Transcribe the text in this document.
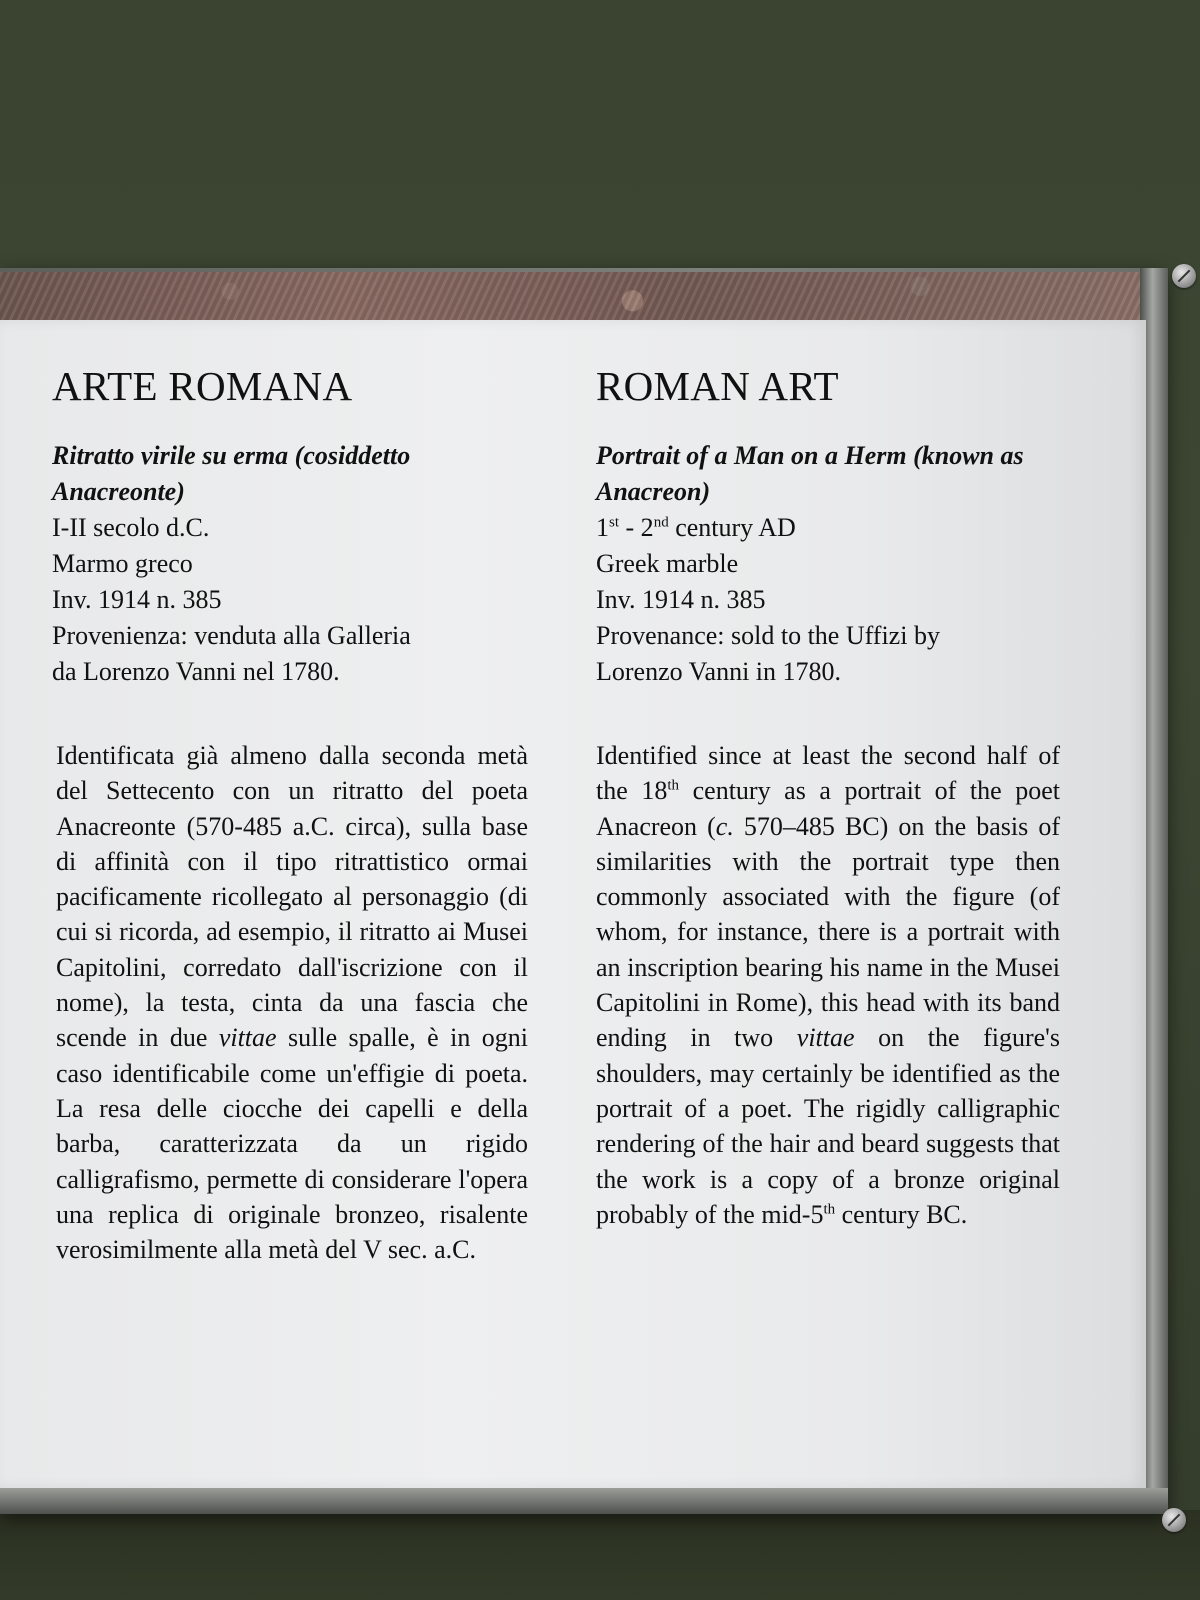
ARTE ROMANA
Ritratto virile su erma (cosiddetto Anacreonte)
I-II secolo d.C.
Marmo greco
Inv. 1914 n. 385
Provenienza: venduta alla Galleria
da Lorenzo Vanni nel 1780.

Identificata già almeno dalla seconda metà del Settecento con un ritratto del poeta Anacreonte (570-485 a.C. circa), sulla base di affinità con il tipo ritrattistico ormai pacificamente ricollegato al personaggio (di cui si ricorda, ad esempio, il ritratto ai Musei Capitolini, corredato dall'iscrizione con il nome), la testa, cinta da una fascia che scende in due vittae sulle spalle, è in ogni caso identificabile come un'effigie di poeta. La resa delle ciocche dei capelli e della barba, caratterizzata da un rigido calligrafismo, permette di considerare l'opera una replica di originale bronzeo, risalente verosimilmente alla metà del V sec. a.C.

ROMAN ART
Portrait of a Man on a Herm (known as Anacreon)
1st - 2nd century AD
Greek marble
Inv. 1914 n. 385
Provenance: sold to the Uffizi by
Lorenzo Vanni in 1780.

Identified since at least the second half of the 18th century as a portrait of the poet Anacreon (c. 570–485 BC) on the basis of similarities with the portrait type then commonly associated with the figure (of whom, for instance, there is a portrait with an inscription bearing his name in the Musei Capitolini in Rome), this head with its band ending in two vittae on the figure's shoulders, may certainly be identified as the portrait of a poet. The rigidly calligraphic rendering of the hair and beard suggests that the work is a copy of a bronze original probably of the mid-5th century BC.
